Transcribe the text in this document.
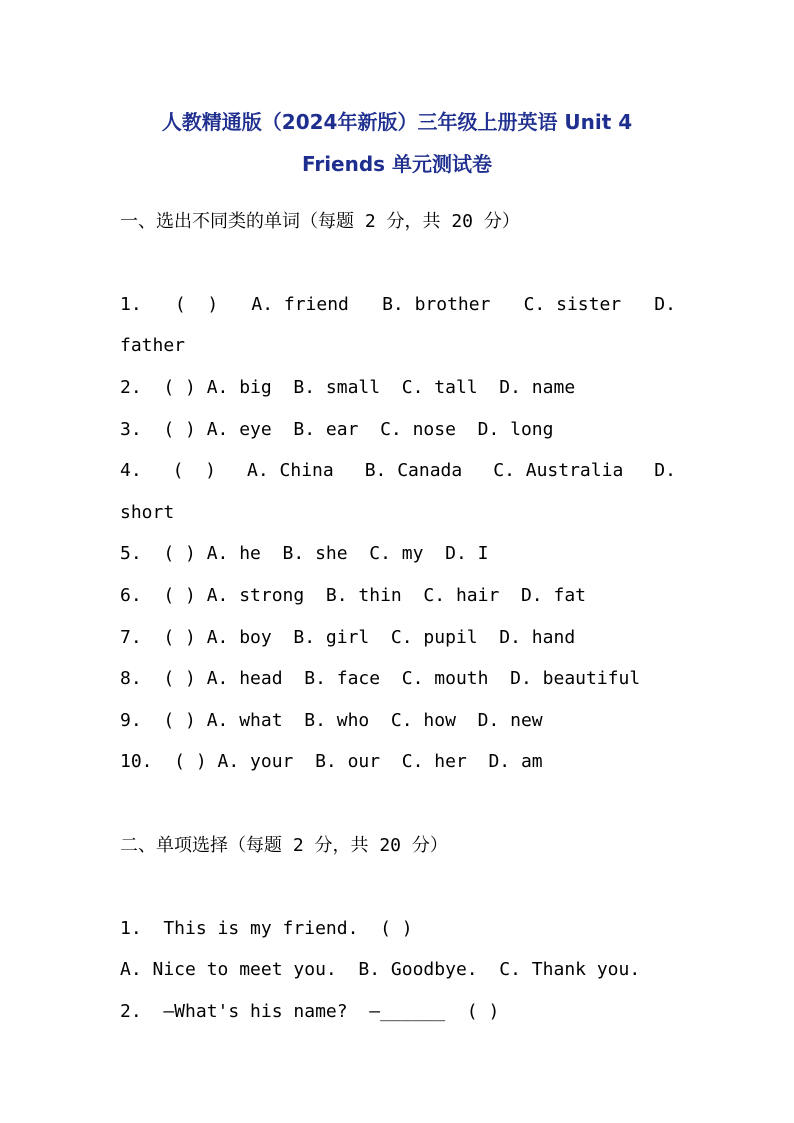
人教精通版（2024年新版）三年级上册英语 Unit 4
Friends 单元测试卷
一、选出不同类的单词（每题 2 分，共 20 分）
1. (  ) A. friend B. brother C. sister D.
father
2.  ( ) A. big  B. small  C. tall  D. name
3.  ( ) A. eye  B. ear  C. nose  D. long
4. (  ) A. China B. Canada C. Australia D.
short
5.  ( ) A. he  B. she  C. my  D. I
6.  ( ) A. strong  B. thin  C. hair  D. fat
7.  ( ) A. boy  B. girl  C. pupil  D. hand
8.  ( ) A. head  B. face  C. mouth  D. beautiful
9.  ( ) A. what  B. who  C. how  D. new
10.  ( ) A. your  B. our  C. her  D. am
二、单项选择（每题 2 分，共 20 分）
1.  This is my friend.  ( )
A. Nice to meet you.  B. Goodbye.  C. Thank you.
2.  —What's his name?  —______  ( )
